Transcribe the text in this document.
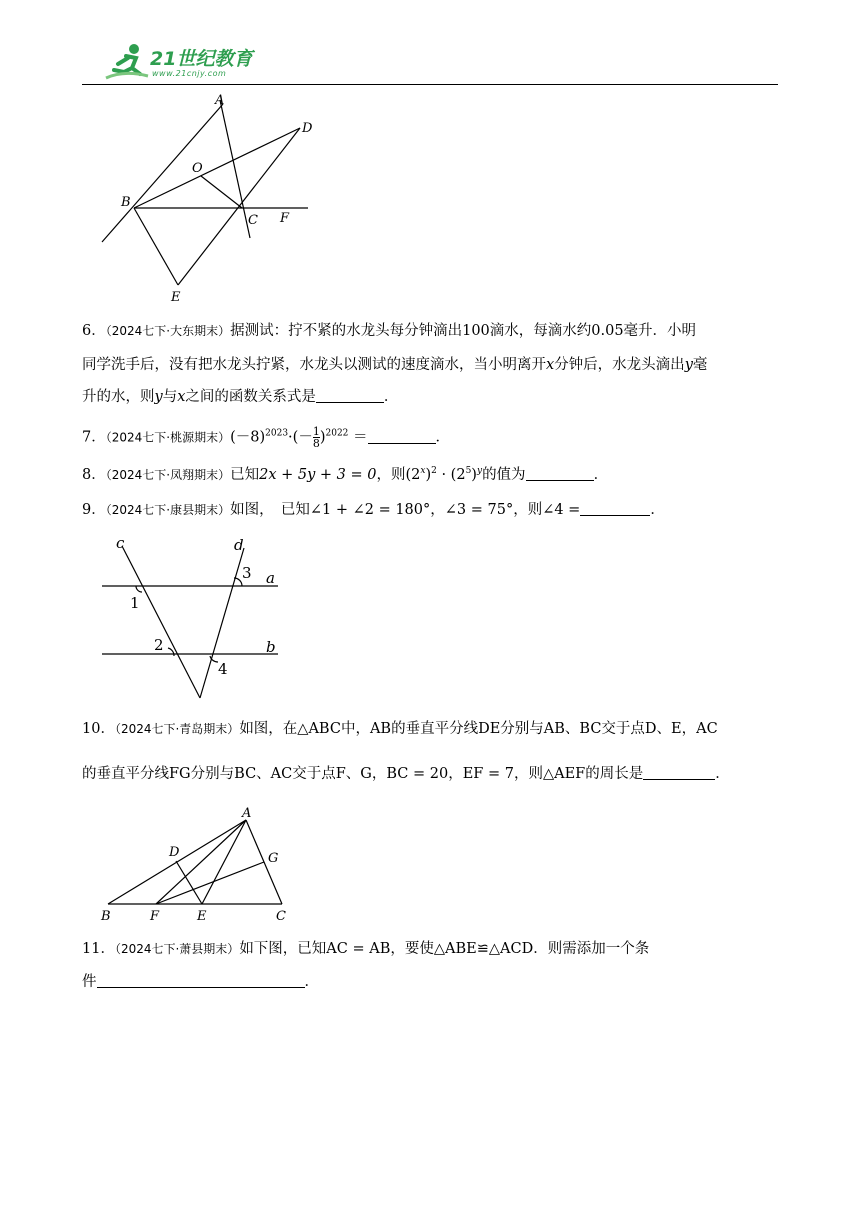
21世纪教育
www.21cnjy.com
A
D
O
B
C F
E
6．（2024七下·大东期末）据测试：拧不紧的水龙头每分钟滴出100滴水，每滴水约0.05毫升．小明
同学洗手后，没有把水龙头拧紧，水龙头以测试的速度滴水，当小明离开x分钟后，水龙头滴出y毫
升的水，则y与x之间的函数关系式是	．
7．（2024七下·桃源期末）$(-8)^{2023}\cdot(- \frac{1}{8} )^{2022}$ ＝	．
8．（2024七下·凤翔期末）已知2x + 5y + 3 = 0，则$(2^x)^2 \cdot (2^5)^y$的值为	．
9．（2024七下·康县期末）如图，　已知∠1 + ∠2 = 180°，∠3 = 75°，则∠4 =	．
c	d
3 a
1
2	b
4
10．（2024七下·青岛期末）如图，在△ABC中，AB的垂直平分线DE分别与AB、BC交于点D、E，AC
的垂直平分线FG分别与BC、AC交于点F、G，BC = 20，EF = 7，则△AEF的周长是	．
A
D	G
B	F	E	C
11．（2024七下·萧县期末）如下图，已知AC = AB，要使△ABE≌△ACD．则需添加一个条
件	．
